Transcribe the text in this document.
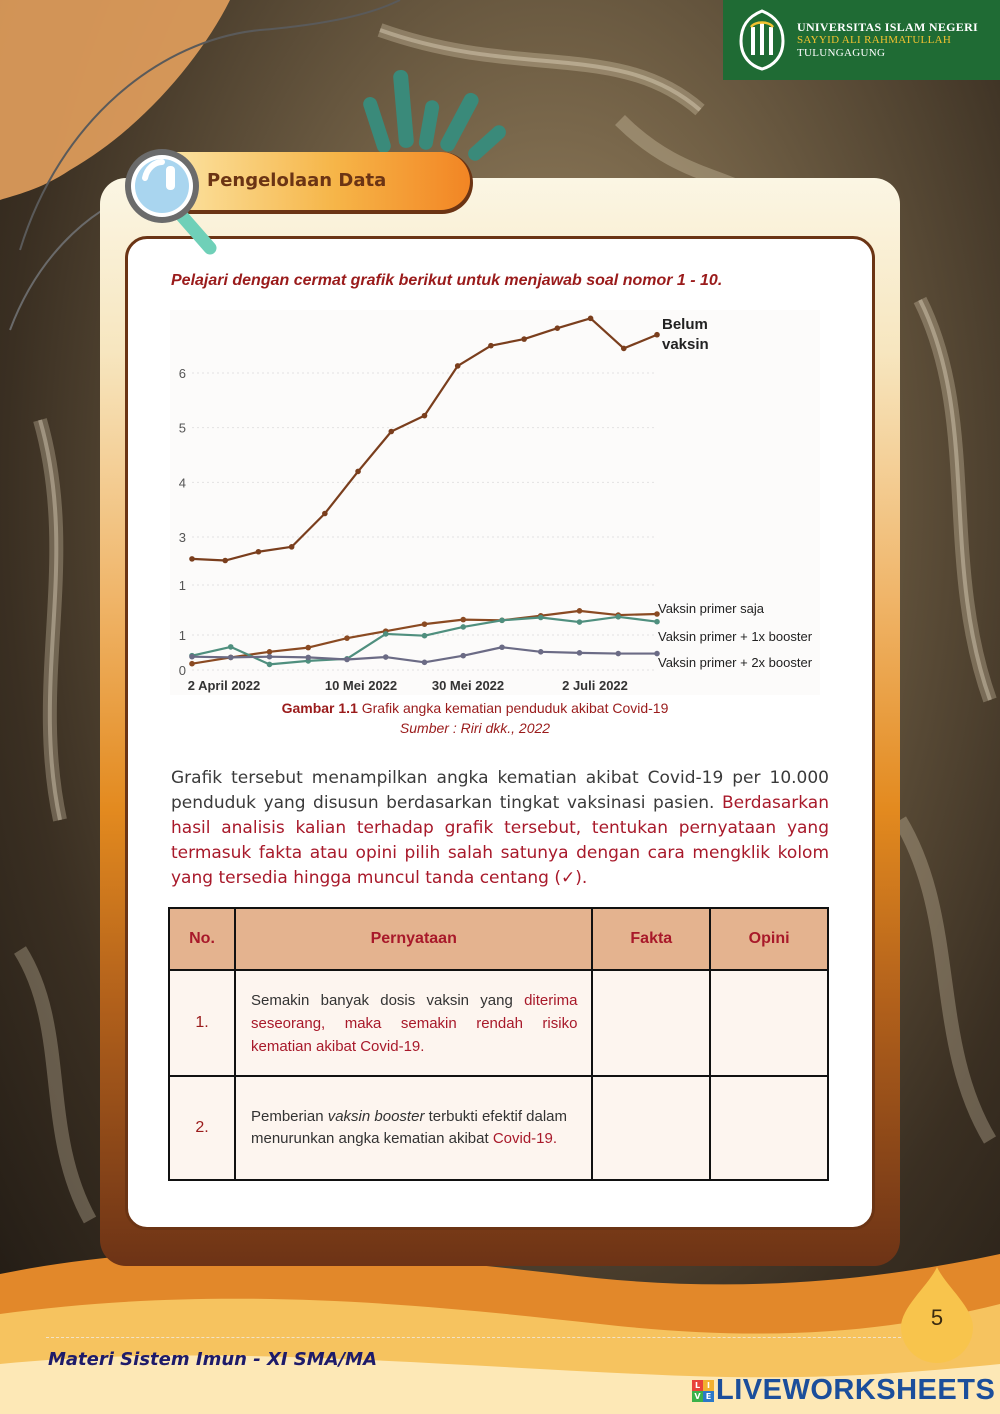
UNIVERSITAS ISLAM NEGERI
SAYYID ALI RAHMATULLAH
TULUNGAGUNG
Pengelolaan Data
Pelajari dengan cermat grafik berikut untuk menjawab soal nomor 1 - 10.
6
5
4
3
1
1
0
2 April 2022	10 Mei 2022	30 Mei 2022	2 Juli 2022
Belum
vaksin
Vaksin primer saja
Vaksin primer + 1x booster
Vaksin primer + 2x booster
Gambar 1.1 Grafik angka kematian penduduk akibat Covid-19
Sumber : Riri dkk., 2022
Grafik tersebut menampilkan angka kematian akibat Covid-19 per 10.000 penduduk yang disusun berdasarkan tingkat vaksinasi pasien. Berdasarkan hasil analisis kalian terhadap grafik tersebut, tentukan pernyataan yang termasuk fakta atau opini pilih salah satunya dengan cara mengklik kolom yang tersedia hingga muncul tanda centang (✓).
No.	Pernyataan	Fakta	Opini
1.	Semakin banyak dosis vaksin yang diterima seseorang, maka semakin rendah risiko kematian akibat Covid-19.		
2.	Pemberian vaksin booster terbukti efektif dalam menurunkan angka kematian akibat Covid-19.		
Materi Sistem Imun - XI SMA/MA
5
L I
V E LIVEWORKSHEETS
